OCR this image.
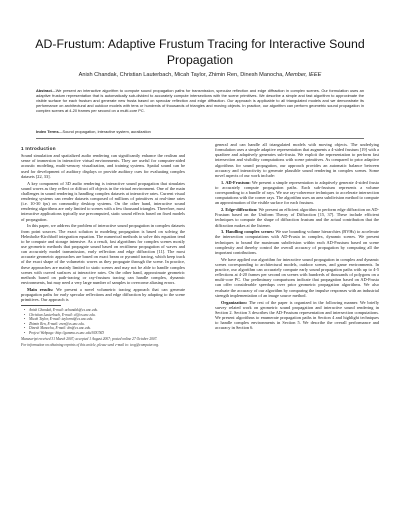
AD-Frustum: Adaptive Frustum Tracing for Interactive Sound Propagation
Anish Chandak, Christian Lauterbach, Micah Taylor, Zhimin Ren, Dinesh Manocha, Member, IEEE
Abstract—We present an interactive algorithm to compute sound propagation paths for transmission, specular reflection and edge diffraction in complex scenes. Our formulation uses an adaptive frustum representation that is automatically sub-divided to accurately compute intersections with the scene primitives. We describe a simple and fast algorithm to approximate the visible surface for each frustum and generate new frusta based on specular reflection and edge diffraction. Our approach is applicable to all triangulated models and we demonstrate its performance on architectural and outdoor models with tens or hundreds of thousands of triangles and moving objects. In practice, our algorithm can perform geometric sound propagation in complex scenes at 4-20 frames per second on a multi-core PC.
Index Terms—Sound propagation, interactive system, auralization
1 Introduction

Sound simulation and spatialized audio rendering can significantly enhance the realism and sense of immersion in interactive virtual environments. They are useful for computer-aided acoustic modeling, multi-sensory visualization, and training systems. Spatial sound can be used for development of auditory displays or provide auditory cues for evaluating complex datasets [22, 33].

A key component of 3D audio rendering is interactive sound propagation that simulates sound waves as they reflect or diffract off objects in the virtual environment. One of the main challenges in sound rendering is handling complex datasets at interactive rates. Current visual rendering systems can render datasets composed of millions of primitives at real-time rates (i.e. 10-30 fps) on commodity desktop systems. On the other hand, interactive sound rendering algorithms are only limited to scenes with a few thousand triangles. Therefore, most interactive applications typically use precomputed, static sound effects based on fixed models of propagation.

In this paper, we address the problem of interactive sound propagation in complex datasets from point sources. The exact solution to modeling propagation is based on solving the Helmholtz-Kirchhoff integration equation. The numerical methods to solve this equation tend to be compute and storage intensive. As a result, fast algorithms for complex scenes mostly use geometric methods that propagate sound based on rectilinear propagation of waves and can accurately model transmission, early reflection and edge diffraction [11]. The most accurate geometric approaches are based on exact beam or pyramid tracing, which keep track of the exact shape of the volumetric waves as they propagate through the scene. In practice, these approaches are mainly limited to static scenes and may not be able to handle complex scenes with curved surfaces at interactive rates. On the other hand, approximate geometric methods based on path-tracing or ray-frustum tracing can handle complex, dynamic environments, but may need a very large number of samples to overcome aliasing errors.

Main results: We present a novel volumetric tracing approach that can generate propagation paths for early specular reflections and edge diffraction by adapting to the scene primitives. Our approach is

• Anish Chandak, E-mail: achandak@cs.unc.edu.
• Christian Lauterbach, E-mail: cl@cs.unc.edu.
• Micah Taylor, E-mail: taylormt@cs.unc.edu.
• Zhimin Ren, E-mail: zren@cs.unc.edu.
• Dinesh Manocha, E-mail: dm@cs.unc.edu.
• Project Webpage: http://gamma.cs.unc.edu/SOUND
Manuscript received 31 March 2007; accepted 1 August 2007; posted online 27 October 2007.
For information on obtaining reprints of this article, please send e-mail to: tvcg@computer.org.

general and can handle all triangulated models with moving objects. The underlying formulation uses a simple adaptive representation that augments a 4-sided frustum [19] with a quadtree and adaptively generates sub-frusta. We exploit the representation to perform fast intersection and visibility computations with scene primitives. As compared to prior adaptive algorithms for sound propagation, our approach provides an automatic balance between accuracy and interactivity to generate plausible sound rendering in complex scenes. Some novel aspects of our work include:

1. AD-Frustum: We present a simple representation to adaptively generate 4-sided frusta to accurately compute propagation paths. Each sub-frustum represents a volume corresponding to a bundle of rays. We use ray-coherence techniques to accelerate intersection computations with the corner rays. The algorithm uses an area subdivision method to compute an approximation of the visible surface for each frustum.

2. Edge-diffraction: We present an efficient algorithm to perform edge diffraction on AD-Frustum based on the Uniform Theory of Diffraction [15, 37]. These include efficient techniques to compute the shape of diffraction frustum and the actual contribution that the diffraction makes at the listener.

3. Handling complex scenes: We use bounding volume hierarchies (BVHs) to accelerate the intersection computations with AD-Frusta in complex, dynamic scenes. We present techniques to bound the maximum subdivision within each AD-Frustum based on scene complexity and thereby control the overall accuracy of propagation by computing all the important contributions.

We have applied our algorithm for interactive sound propagation in complex and dynamic scenes corresponding to architectural models, outdoor scenes, and game environments. In practice, our algorithm can accurately compute early sound propagation paths with up to 4-5 reflections at 4-20 frames per second on scenes with hundreds of thousands of polygons on a multi-core PC. Our preliminary comparisons indicate that propagation based on AD-Frusta can offer considerable speedups over prior geometric propagation algorithms. We also evaluate the accuracy of our algorithm by comparing the impulse responses with an industrial strength implementation of an image source method.

Organization: The rest of the paper is organized in the following manner. We briefly survey related work on geometric sound propagation and interactive sound rendering in Section 2. Section 3 describes the AD-Frustum representation and intersection computations. We present algorithms to enumerate propagation paths in Section 4 and highlight techniques to handle complex environments in Section 5. We describe the overall performance and accuracy in Section 6.
